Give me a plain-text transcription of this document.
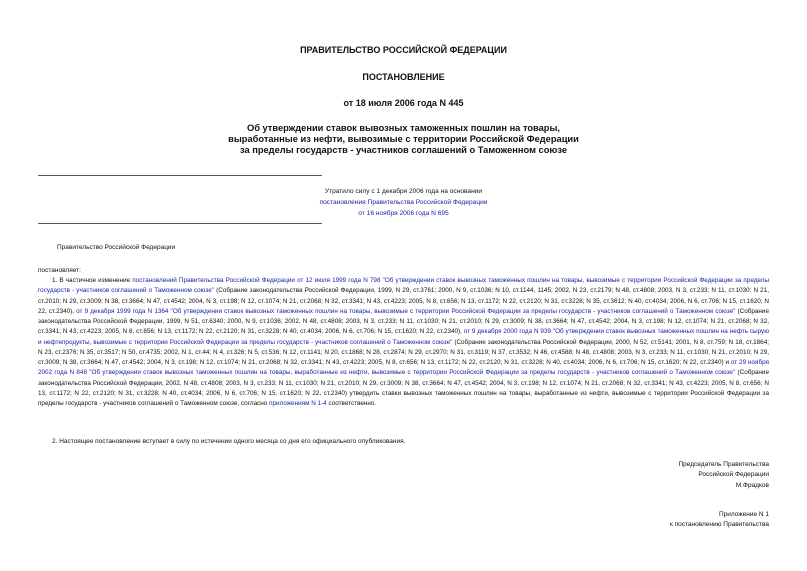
ПРАВИТЕЛЬСТВО РОССИЙСКОЙ ФЕДЕРАЦИИ
ПОСТАНОВЛЕНИЕ
от 18 июля 2006 года N 445
Об утверждении ставок вывозных таможенных пошлин на товары,
выработанные из нефти, вывозимые с территории Российской Федерации
за пределы государств - участников соглашений о Таможенном союзе
Утратило силу с 1 декабря 2006 года на основании
постановления Правительства Российской Федерации
от 16 ноября 2006 года N 695
Правительство Российской Федерации
постановляет:
1. В частичное изменение постановлений Правительства Российской Федерации от 12 июля 1999 года N 798 "Об утверждении ставок вывозных таможенных пошлин на товары, вывозимые с территории Российской Федерации за пределы государств - участников соглашений о Таможенном союзе" (Собрание законодательства Российской Федерации, 1999, N 29, ст.3761; 2000, N 9, ст.1036; N 10, ст.1144, 1145; 2002, N 23, ст.2179; N 48, ст.4808; 2003, N 3, ст.233; N 11, ст.1030; N 21, ст.2010; N 29, ст.3009; N 38, ст.3664; N 47, ст.4542; 2004, N 3, ст.198; N 12, ст.1074; N 21, ст.2068; N 32, ст.3341; N 43, ст.4223; 2005, N 8, ст.656; N 13, ст.1172; N 22, ст.2120; N 31, ст.3228; N 35, ст.3612; N 40, ст.4034; 2006, N 6, ст.706; N 15, ст.1620; N 22, ст.2340), от 9 декабря 1999 года N 1364 "Об утверждении ставок вывозных таможенных пошлин на товары, вывозимые с территории Российской Федерации за пределы государств - участников соглашений о Таможенном союзе" (Собрание законодательства Российской Федерации, 1999, N 51, ст.6340; 2000, N 9, ст.1036; 2002, N 48, ст.4808; 2003, N 3, ст.233; N 11, ст.1030; N 21, ст.2010; N 29, ст.3009; N 38, ст.3664; N 47, ст.4542; 2004, N 3, ст.198; N 12, ст.1074; N 21, ст.2068; N 32, ст.3341; N 43, ст.4223; 2005, N 8, ст.656; N 13, ст.1172; N 22, ст.2120; N 31, ст.3228; N 40, ст.4034; 2006, N 6, ст.706; N 15, ст.1620; N 22, ст.2340), от 9 декабря 2000 года N 939 "Об утверждении ставок вывозных таможенных пошлин на нефть сырую и нефтепродукты, вывозимые с территории Российской Федерации за пределы государств - участников соглашений о Таможенном союзе" (Собрание законодательства Российской Федерации, 2000, N 52, ст.5141; 2001, N 8, ст.759; N 18, ст.1864; N 23, ст.2376; N 35, ст.3517; N 50, ст.4735; 2002, N 1, ст.44; N 4, ст.326; N 5, ст.536; N 12, ст.1141; N 20, ст.1868; N 28, ст.2874; N 29, ст.2970; N 31, ст.3119; N 37, ст.3532; N 46, ст.4588; N 48, ст.4808; 2003, N 3, ст.233; N 11, ст.1030; N 21, ст.2010; N 29, ст.3009; N 38, ст.3664; N 47, ст.4542; 2004, N 3, ст.198; N 12, ст.1074; N 21, ст.2068; N 32, ст.3341; N 43, ст.4223; 2005, N 8, ст.656; N 13, ст.1172; N 22, ст.2120; N 31, ст.3228; N 40, ст.4034; 2006, N 6, ст.706; N 15, ст.1620; N 22, ст.2340) и от 29 ноября 2002 года N 848 "Об утверждении ставок вывозных таможенных пошлин на товары, выработанные из нефти, вывозимые с территории Российской Федерации за пределы государств - участников соглашений о Таможенном союзе" (Собрание законодательства Российской Федерации, 2002, N 48, ст.4808; 2003, N 3, ст.233; N 11, ст.1030; N 21, ст.2010; N 29, ст.3009; N 38, ст.3664; N 47, ст.4542; 2004, N 3, ст.198; N 12, ст.1074; N 21, ст.2068; N 32, ст.3341; N 43, ст.4223; 2005, N 8, ст.656; N 13, ст.1172; N 22, ст.2120; N 31, ст.3228; N 40, ст.4034; 2006, N 6, ст.706; N 15, ст.1620; N 22, ст.2340) утвердить ставки вывозных таможенных пошлин на товары, выработанные из нефти, вывозимые с территории Российской Федерации за пределы государств - участников соглашений о Таможенном союзе, согласно приложениям N 1-4 соответственно.
2. Настоящее постановление вступает в силу по истечении одного месяца со дня его официального опубликования.
Председатель Правительства
Российской Федерации
М.Фрадков
Приложение N 1
к постановлению Правительства
